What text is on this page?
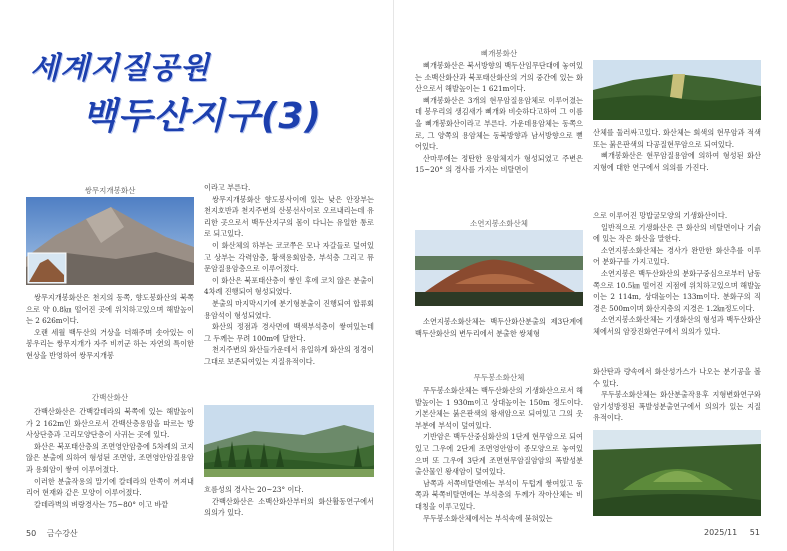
세계지질공원
백두산지구(3)
쌍무지개봉화산

쌍무지개봉화산은 천지의 동쪽, 향도봉화산의 북쪽으로 약 0.8㎞ 떨어진 곳에 위치하고있으며 해발높이는 2 626m이다.

오랜 세월 백두산의 거상을 더해주며 솟아있는 이 봉우리는 쌍무지개가 자주 비끼군 하는 자연의 특이한 현상을 반영하여 쌍무지개봉

이라고 부른다.

쌍무지개봉화산 향도봉사이에 있는 낮은 안장부는 천지호반과 천지주변의 산봉선사이로 오르내리는데 유리한 곳으로서 백두산지구의 몸이 다니는 유일한 통로로 되고있다.

이 화산체의 하부는 코코쭈은 모나 자갈들로 덮여있고 상부는 각력암층, 황색용회암층, 부석층 그리고 뮤문암질용암층으로 이루어졌다.

이 화산은 북포태산층이 쌓인 후에 코치 않은 분출이 4차례 진행되여 형성되였다.

분출의 마지막시기에 분기형분출이 진행되여 합류회용암석이 형성되였다.

화산의 정점과 경사면에 백색부석층이 쌓여있는데 그 두께는 무려 100m에 달한다.

천지주변의 화산들가운데서 유일하게 화산의 정경이 그대로 보존되여있는 지질유적이다.

간백산화산

간백산화산은 간백칼데라의 북쪽에 있는 해발높이가 2 162m인 화산으로서 간백산층용암을 따르는 방사상단층과 고리모양단층이 사귀는 곳에 있다.

화산은 북포태산층의 조면영안암층에 5차례의 코지 않은 분출에 의하여 형성된 조면암, 조면영안암질용암과 용회암이 쌓여 이루어졌다.

이러한 분출작용의 말기에 칼데라의 안쪽이 꺼져내리어 현재와 같은 모양이 이루어졌다.

칼데라벽의 벼랑경사는 75~80° 이고 바깥

흐름성의 경사는 20~23° 이다.

간백산화산은 소백산화산부터의 화산활동연구에서 의의가 있다.

삐개봉화산

삐개봉화산은 북서방향의 백두산임무단대에 놓여있는 소백산화산과 북포태산화산의 거의 중간에 있는 화산으로서 해발높이는 1 621m이다.

삐개봉화산은 3개의 현무암질용암체로 이루어졌는데 봉우리의 생김새가 삐개와 비슷하다고하여 그 이름을 삐개봉화산이라고 부른다. 가운데용암체는 동쪽으로, 그 양쪽의 용암체는 동북방향과 남서방향으로 뻗어있다.

산마루에는 정탄한 용암체지가 형성되였고 주변은 15~20° 의 경사를 가지는 비탈면이

산체를 둘러싸고있다. 화산체는 회색의 현무암과 적색 또는 붉은판색의 다공질현무암으로 되여있다.

삐개봉화산은 현무암질용암에 의하여 형성된 화산지형에 대한 연구에서 의의를 가진다.

소연지봉소화산체

소연지봉소화산체는 백두산화산분출의 제3단계에 백두산화산의 변두리에서 분출한 쌍체형

으로 이루어진 망밥굴모양의 기생화산이다.

일반적으로 기생화산은 큰 화산의 비탈면이나 기슭에 있는 작은 화산을 말한다.

소연지봉소화산체는 경사가 완만한 화산추를 이루어 분화구를 가지고있다.

소연지봉은 백두산화산의 분화구중심으로부터 남동쪽으로 10.5㎞ 떨어진 지점에 위치하고있으며 해발높이는 2 114m, 상대높이는 133m이다. 분화구의 직경은 500m이며 화산지층의 지경은 1.2㎞정도이다.

소연지봉소화산체는 기생화산의 형성과 백두산화산체에서의 암장진화연구에서 의의가 있다.

무두봉소화산체

무두봉소화산체는 백두산화산의 기생화산으로서 해발높이는 1 930m이고 상대높이는 150m 정도이다. 기본산체는 붉은판색의 왕새암으로 되여있고 그의 옷부분에 부석이 덮여있다.

기반암은 백두산중심화산의 1단계 현무암으로 되여있고 그우에 2단계 조면영안암이 종모양으로 놓여있으며 또 그우에 3단계 조면현무암질암암의 폭발성분출산물인 왕새암이 덮여있다.

남쪽과 서쪽비탈면에는 부석이 두텁게 쌓여있고 동쪽과 북쪽비탈면에는 부석층의 두께가 작아산체는 비대칭을 이루고있다.

무두봉소화산체에서는 부석속에 묻혀있는

화산탄과 량속에서 화산성가스가 나오는 분기공을 볼수 있다.

무두봉소화산체는 화산분출작용후 지형변화연구와 암기성방정된 폭발성분출연구에서 의의가 있는 지질유적이다.

50 금수강산	2025/11 51
